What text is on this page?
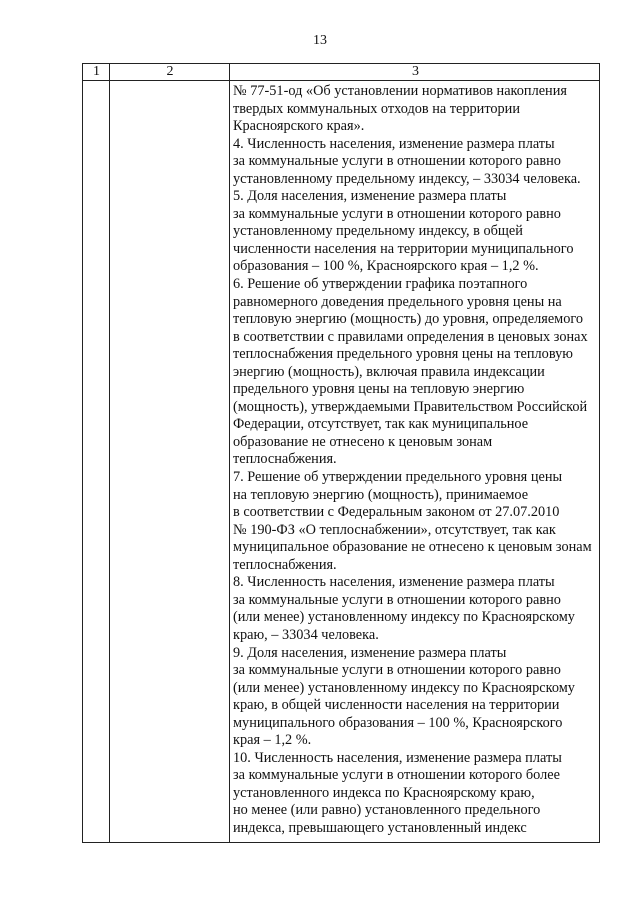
13
1	2	3
№ 77-51-од «Об установлении нормативов накопления
твердых коммунальных отходов на территории
Красноярского края».
4. Численность населения, изменение размера платы
за коммунальные услуги в отношении которого равно
установленному предельному индексу, – 33034 человека.
5. Доля населения, изменение размера платы
за коммунальные услуги в отношении которого равно
установленному предельному индексу, в общей
численности населения на территории муниципального
образования – 100 %, Красноярского края – 1,2 %.
6. Решение об утверждении графика поэтапного
равномерного доведения предельного уровня цены на
тепловую энергию (мощность) до уровня, определяемого
в соответствии с правилами определения в ценовых зонах
теплоснабжения предельного уровня цены на тепловую
энергию (мощность), включая правила индексации
предельного уровня цены на тепловую энергию
(мощность), утверждаемыми Правительством Российской
Федерации, отсутствует, так как муниципальное
образование не отнесено к ценовым зонам
теплоснабжения.
7. Решение об утверждении предельного уровня цены
на тепловую энергию (мощность), принимаемое
в соответствии с Федеральным законом от 27.07.2010
№ 190-ФЗ «О теплоснабжении», отсутствует, так как
муниципальное образование не отнесено к ценовым зонам
теплоснабжения.
8. Численность населения, изменение размера платы
за коммунальные услуги в отношении которого равно
(или менее) установленному индексу по Красноярскому
краю, – 33034 человека.
9. Доля населения, изменение размера платы
за коммунальные услуги в отношении которого равно
(или менее) установленному индексу по Красноярскому
краю, в общей численности населения на территории
муниципального образования – 100 %, Красноярского
края – 1,2 %.
10. Численность населения, изменение размера платы
за коммунальные услуги в отношении которого более
установленного индекса по Красноярскому краю,
но менее (или равно) установленного предельного
индекса, превышающего установленный индекс
